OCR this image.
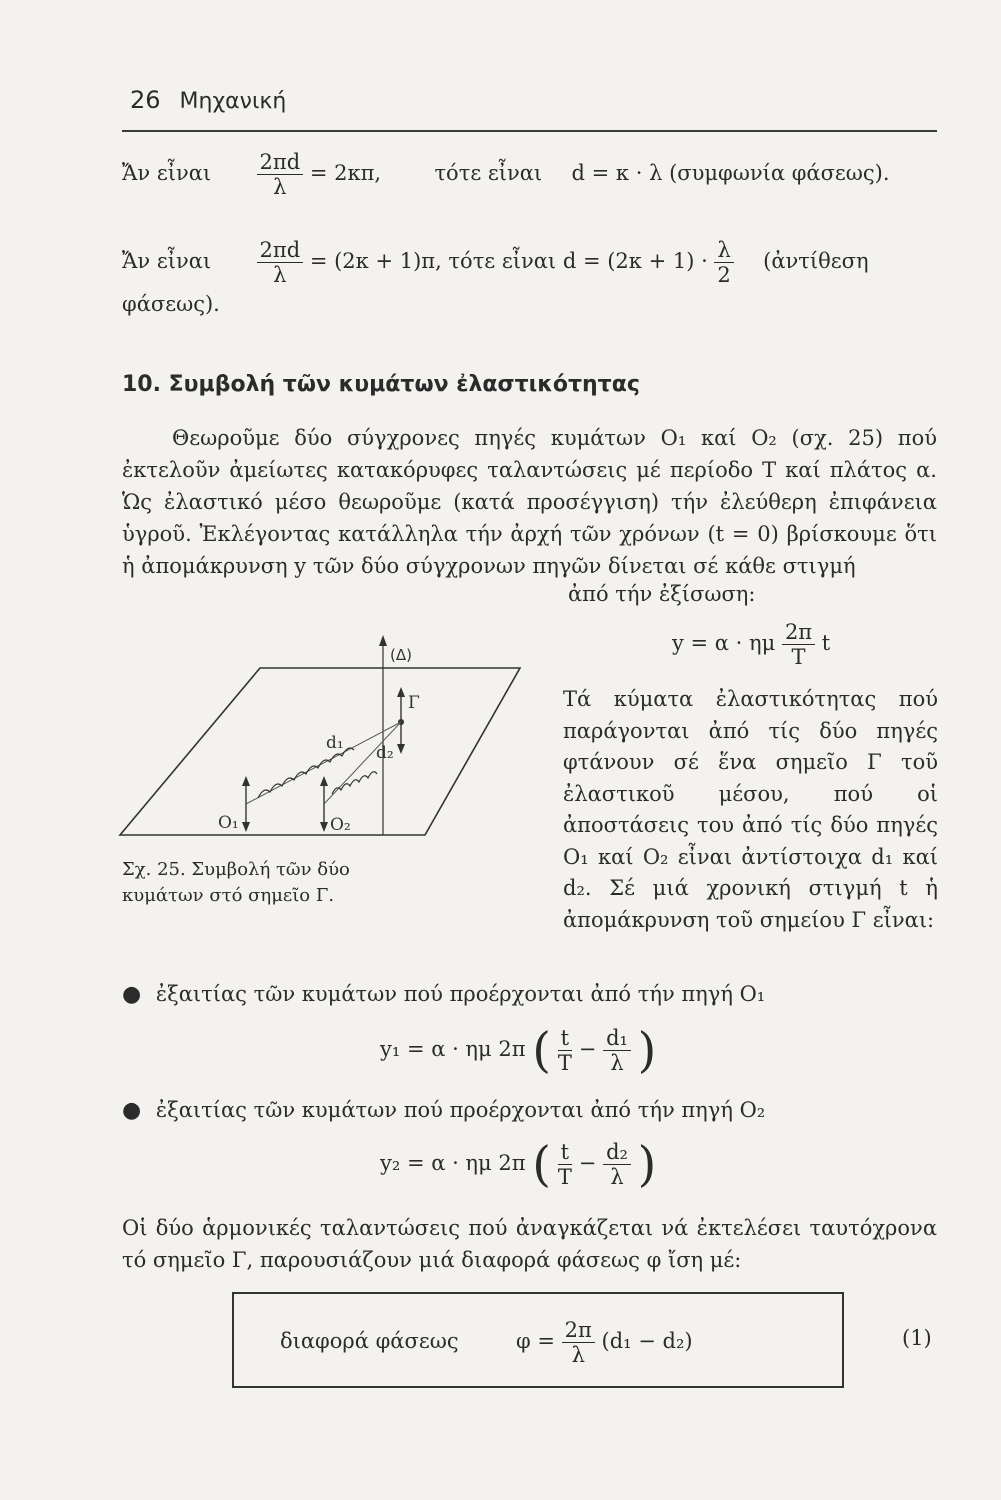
26 Μηχανική
Ἄν εἶναι $\frac{2\pi d}{\lambda} = 2\kappa\pi$,	τότε εἶναι d = κ · λ (συμφωνία φάσεως).
Ἄν εἶναι $\frac{2\pi d}{\lambda} = (2\kappa + 1)\pi$, τότε εἶναι $d = (2\kappa + 1) \cdot \frac{\lambda}{2}$ (ἀντίθεση
φάσεως).
10. Συμβολή τῶν κυμάτων ἐλαστικότητας

Θεωροῦμε δύο σύγχρονες πηγές κυμάτων O₁ καί O₂ (σχ. 25) πού ἐκτελοῦν ἀμείωτες κατακόρυφες ταλαντώσεις μέ περίοδο T καί πλάτος α. Ὡς ἐλαστικό μέσο θεωροῦμε (κατά προσέγγιση) τήν ἐλεύθερη ἐπιφάνεια ὑγροῦ. Ἐκλέγοντας κατάλληλα τήν ἀρχή τῶν χρόνων (t = 0) βρίσκουμε ὅτι ἡ ἀπομάκρυνση y τῶν δύο σύγχρονων πηγῶν δίνεται σέ κάθε στιγμή

ἀπό τήν ἐξίσωση:
y = α · ημ $\frac{2\pi}{T}$ t
(Δ)
Γ
d₁ d₂
O₁	O₂
Σχ. 25. Συμβολή τῶν δύο κυμάτων στό σημεῖο Γ.
Τά κύματα ἐλαστικότητας πού παράγονται ἀπό τίς δύο πηγές φτάνουν σέ ἕνα σημεῖο Γ τοῦ ἐλαστικοῦ μέσου, πού οἱ ἀποστάσεις του ἀπό τίς δύο πηγές O₁ καί O₂ εἶναι ἀντίστοιχα d₁ καί d₂. Σέ μιά χρονική στιγμή t ἡ ἀπομάκρυνση τοῦ σημείου Γ εἶναι:
● ἐξαιτίας τῶν κυμάτων πού προέρχονται ἀπό τήν πηγή O₁
y₁ = α · ημ 2π ( $\frac{t}{T} - \frac{\text{d₁}}{\lambda}$ )
● ἐξαιτίας τῶν κυμάτων πού προέρχονται ἀπό τήν πηγή O₂
y₂ = α · ημ 2π ( $\frac{t}{T} - \frac{\text{d₂}}{\lambda}$ )

Οἱ δύο ἁρμονικές ταλαντώσεις πού ἀναγκάζεται νά ἐκτελέσει ταυτόχρονα τό σημεῖο Γ, παρουσιάζουν μιά διαφορά φάσεως φ ἴση μέ:

διαφορά φάσεως	$\varphi = \frac{2\pi}{\lambda} (d_1 - d_2)$	(1)
